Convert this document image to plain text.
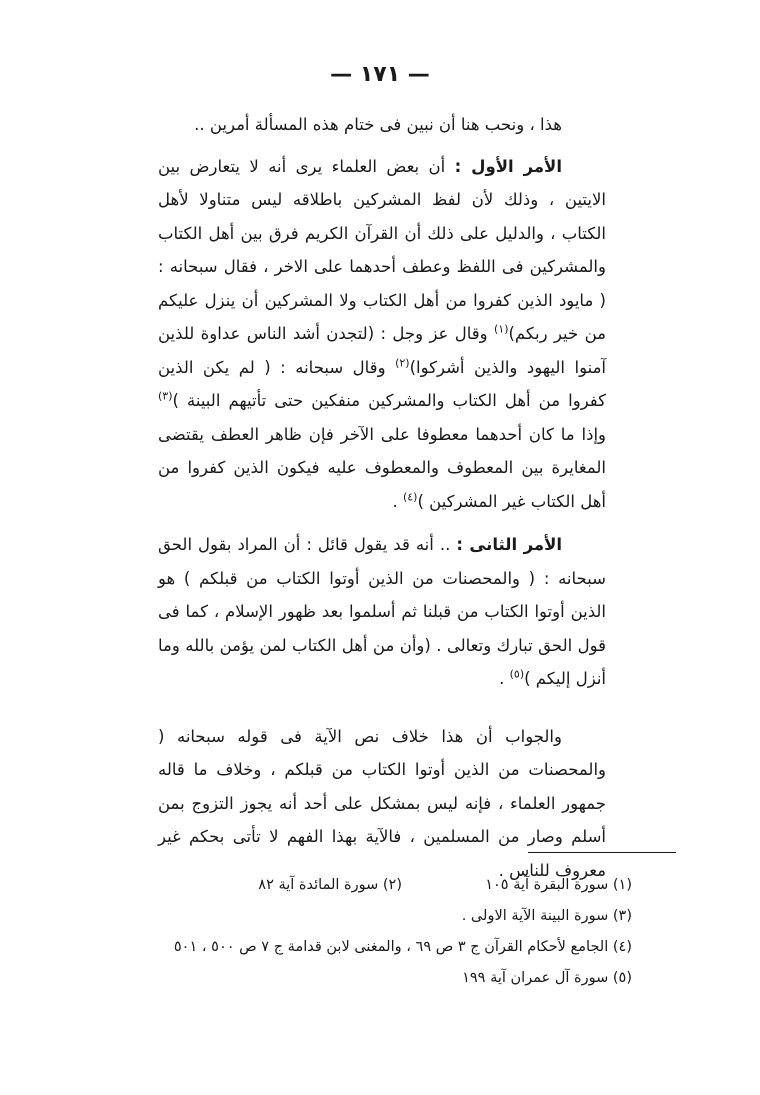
— ١٧١ —

هذا ، ونحب هنا أن نبين فى ختام هذه المسألة أمرين ..

الأمر الأول : أن بعض العلماء يرى أنه لا يتعارض بين الايتين ، وذلك لأن لفظ المشركين باطلاقه ليس متناولا لأهل الكتاب ، والدليل على ذلك أن القرآن الكريم فرق بين أهل الكتاب والمشركين فى اللفظ وعطف أحدهما على الاخر ، فقال سبحانه : ( مايود الذين كفروا من أهل الكتاب ولا المشركين أن ينزل عليكم من خير ربكم)$^{(١)}$ وقال عز وجل : (لتجدن أشد الناس عداوة للذين آمنوا اليهود والذين أشركوا)$^{(٢)}$ وقال سبحانه : ( لم يكن الذين كفروا من أهل الكتاب والمشركين منفكين حتى تأتيهم البينة )$^{(٣)}$ وإذا ما كان أحدهما معطوفا على الآخر فإن ظاهر العطف يقتضى المغايرة بين المعطوف والمعطوف عليه فيكون الذين كفروا من أهل الكتاب غير المشركين )$^{(٤)}$ .

الأمر الثانى : .. أنه قد يقول قائل : أن المراد بقول الحق سبحانه : ( والمحصنات من الذين أوتوا الكتاب من قبلكم ) هو الذين أوتوا الكتاب من قبلنا ثم أسلموا بعد ظهور الإسلام ، كما فى قول الحق تبارك وتعالى . (وأن من أهل الكتاب لمن يؤمن بالله وما أنزل إليكم )$^{(٥)}$ .

والجواب أن هذا خلاف نص الآية فى قوله سبحانه ( والمحصنات من الذين أوتوا الكتاب من قبلكم ، وخلاف ما قاله جمهور العلماء ، فإنه ليس بمشكل على أحد أنه يجوز التزوج بمن أسلم وصار من المسلمين ، فالآية بهذا الفهم لا تأتى بحكم غير معروف للناس .

(١) سورة البقرة آية ١٠٥
(٢) سورة المائدة آية ٨٢
(٣) سورة البينة الآية الاولى .
(٤) الجامع لأحكام القرآن ج ٣ ص ٦٩ ، والمغنى لابن قدامة ج ٧ ص ٥٠٠ ، ٥٠١
(٥) سورة آل عمران آية ١٩٩
